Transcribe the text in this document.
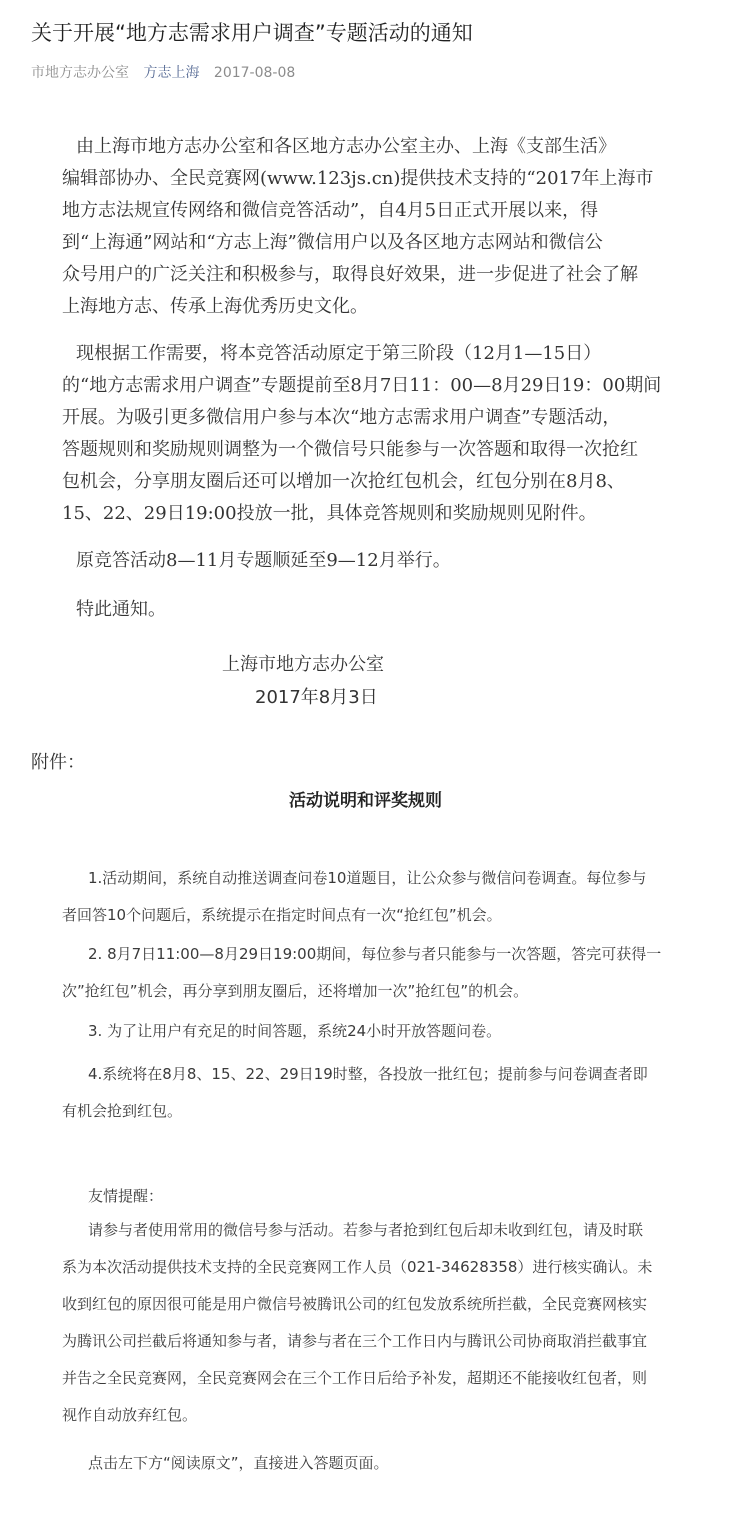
关于开展“地方志需求用户调查”专题活动的通知
市地方志办公室 方志上海 2017-08-08
由上海市地方志办公室和各区地方志办公室主办、上海《支部生活》
编辑部协办、全民竞赛网(www.123js.cn)提供技术支持的“2017年上海市
地方志法规宣传网络和微信竞答活动”，自4月5日正式开展以来，得
到“上海通”网站和“方志上海”微信用户以及各区地方志网站和微信公
众号用户的广泛关注和积极参与，取得良好效果，进一步促进了社会了解
上海地方志、传承上海优秀历史文化。
现根据工作需要，将本竞答活动原定于第三阶段（12月1—15日）
的“地方志需求用户调查”专题提前至8月7日11：00—8月29日19：00期间
开展。为吸引更多微信用户参与本次“地方志需求用户调查”专题活动，
答题规则和奖励规则调整为一个微信号只能参与一次答题和取得一次抢红
包机会，分享朋友圈后还可以增加一次抢红包机会，红包分别在8月8、
15、22、29日19:00投放一批，具体竞答规则和奖励规则见附件。
原竞答活动8—11月专题顺延至9—12月举行。
特此通知。
上海市地方志办公室
2017年8月3日
附件：
活动说明和评奖规则
1.活动期间，系统自动推送调查问卷10道题目，让公众参与微信问卷调查。每位参与
者回答10个问题后，系统提示在指定时间点有一次“抢红包”机会。
2. 8月7日11:00—8月29日19:00期间，每位参与者只能参与一次答题，答完可获得一
次”抢红包”机会，再分享到朋友圈后，还将增加一次”抢红包”的机会。
3. 为了让用户有充足的时间答题，系统24小时开放答题问卷。
4.系统将在8月8、15、22、29日19时整，各投放一批红包；提前参与问卷调查者即
有机会抢到红包。
友情提醒：
请参与者使用常用的微信号参与活动。若参与者抢到红包后却未收到红包，请及时联
系为本次活动提供技术支持的全民竞赛网工作人员（021-34628358）进行核实确认。未
收到红包的原因很可能是用户微信号被腾讯公司的红包发放系统所拦截，全民竞赛网核实
为腾讯公司拦截后将通知参与者，请参与者在三个工作日内与腾讯公司协商取消拦截事宜
并告之全民竞赛网，全民竞赛网会在三个工作日后给予补发，超期还不能接收红包者，则
视作自动放弃红包。
点击左下方“阅读原文”，直接进入答题页面。
